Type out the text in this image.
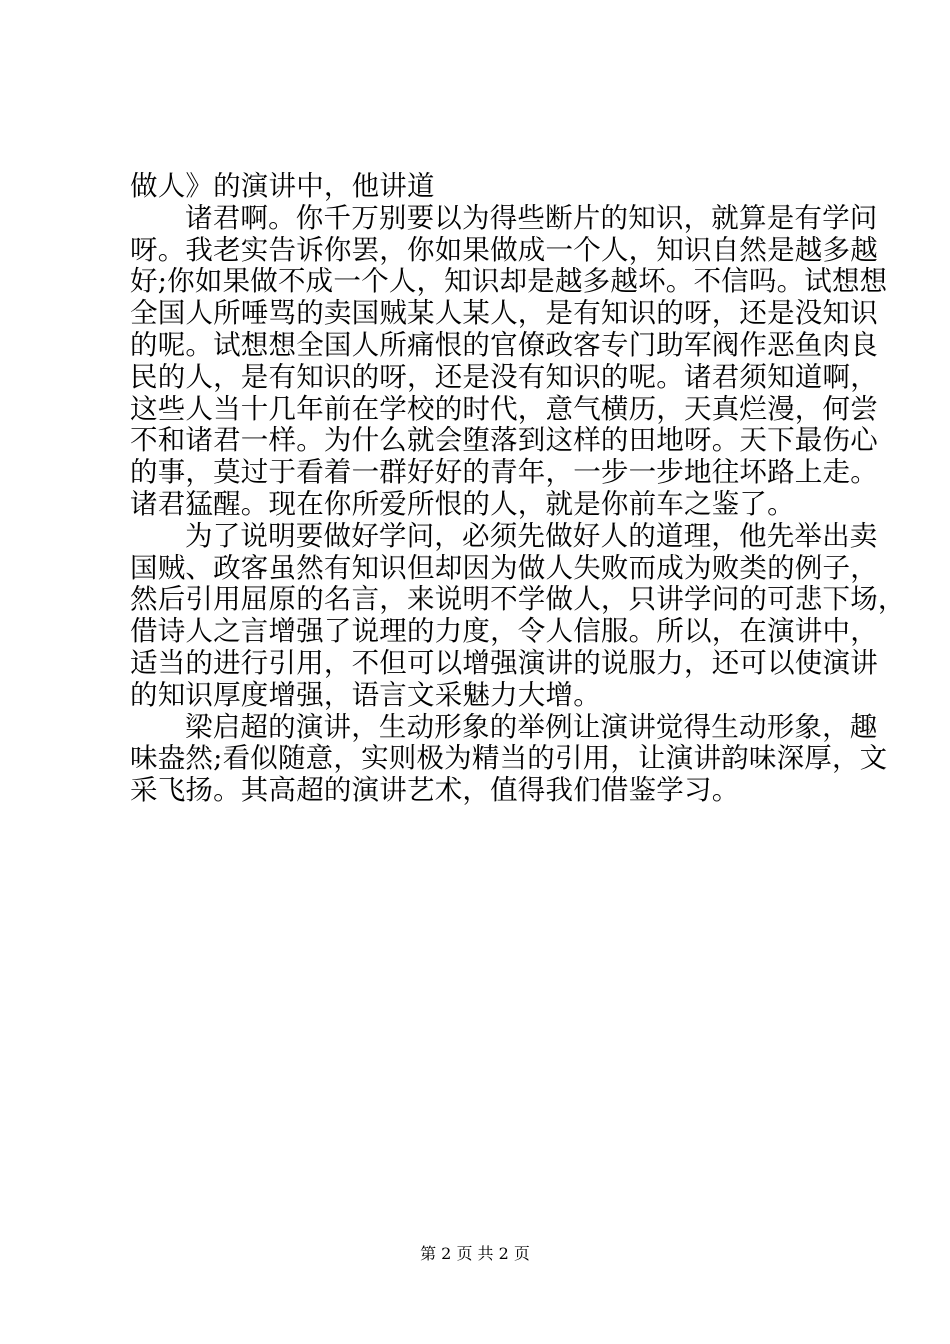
做人》的演讲中，他讲道
诸君啊。你千万别要以为得些断片的知识，就算是有学问
呀。我老实告诉你罢，你如果做成一个人，知识自然是越多越
好;你如果做不成一个人，知识却是越多越坏。不信吗。试想想
全国人所唾骂的卖国贼某人某人，是有知识的呀，还是没知识
的呢。试想想全国人所痛恨的官僚政客专门助军阀作恶鱼肉良
民的人，是有知识的呀，还是没有知识的呢。诸君须知道啊，
这些人当十几年前在学校的时代，意气横历，天真烂漫，何尝
不和诸君一样。为什么就会堕落到这样的田地呀。天下最伤心
的事，莫过于看着一群好好的青年，一步一步地往坏路上走。
诸君猛醒。现在你所爱所恨的人，就是你前车之鉴了。
为了说明要做好学问，必须先做好人的道理，他先举出卖
国贼、政客虽然有知识但却因为做人失败而成为败类的例子，
然后引用屈原的名言，来说明不学做人，只讲学问的可悲下场，
借诗人之言增强了说理的力度，令人信服。所以，在演讲中，
适当的进行引用，不但可以增强演讲的说服力，还可以使演讲
的知识厚度增强，语言文采魅力大增。
梁启超的演讲，生动形象的举例让演讲觉得生动形象，趣
味盎然;看似随意，实则极为精当的引用，让演讲韵味深厚，文
采飞扬。其高超的演讲艺术，值得我们借鉴学习。
第 2 页 共 2 页
